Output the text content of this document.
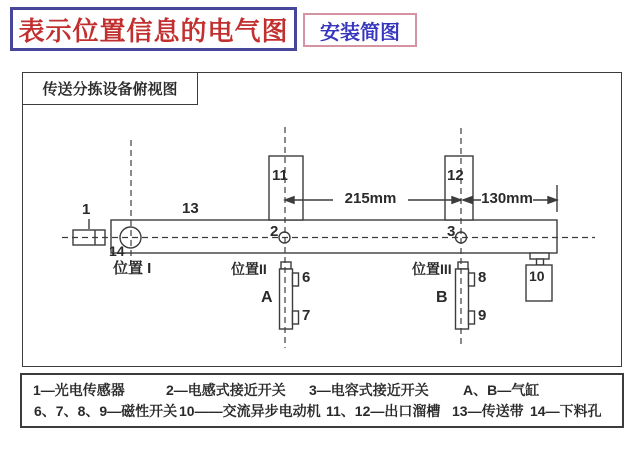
表示位置信息的电气图 安装简图
传送分拣设备俯视图
1	13
14
位置 I
11	12
215mm	130mm
2	3
位置II	位置III
A	B
6
7
8
9
10
1—光电传感器	2—电感式接近开关 3—电容式接近开关 A、B—气缸
6、7、8、9—磁性开关 10——交流异步电动机 11、12—出口溜槽 13—传送带 14—下料孔
